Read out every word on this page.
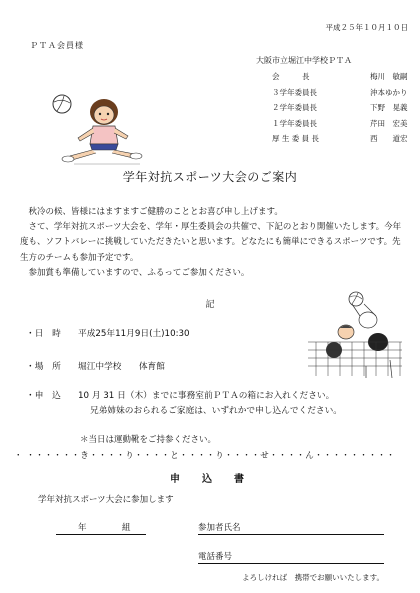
平成２５年１０月１０日
ＰＴＡ会員様
大阪市立堀江中学校ＰＴＡ
会　　　長	梅川　敏嗣
３学年委員長	沖本ゆかり
２学年委員長	下野　晃義
１学年委員長	芹田　宏美
厚 生 委 員 長	西　　道宏
学年対抗スポーツ大会のご案内

秋冷の候、皆様にはますますご健勝のこととお喜び申し上げます。

さて、学年対抗スポーツ大会を、学年・厚生委員会の共催で、下記のとおり開催いたします。今年度も、ソフトバレーに挑戦していただきたいと思います。どなたにも簡単にできるスポーツです。先生方のチームも参加予定です。

参加賞も準備していますので、ふるってご参加ください。

記
・日　時 平成25年11月9日(土)10:30
・場　所 堀江中学校　　体育館
・申　込 10 月 31 日（木）までに事務室前ＰＴＡの箱にお入れください。
兄弟姉妹のおられるご家庭は、いずれかで申し込んでください。
＊当日は運動靴をご持参ください。
・ ・・・・・・き・・・・り・・・・と・・・・り・・・・せ・・・・ん・・・・・・・・・
申　込　書
学年対抗スポーツ大会に参加します
年	組	参加者氏名
電話番号
よろしければ　携帯でお願いいたします。
